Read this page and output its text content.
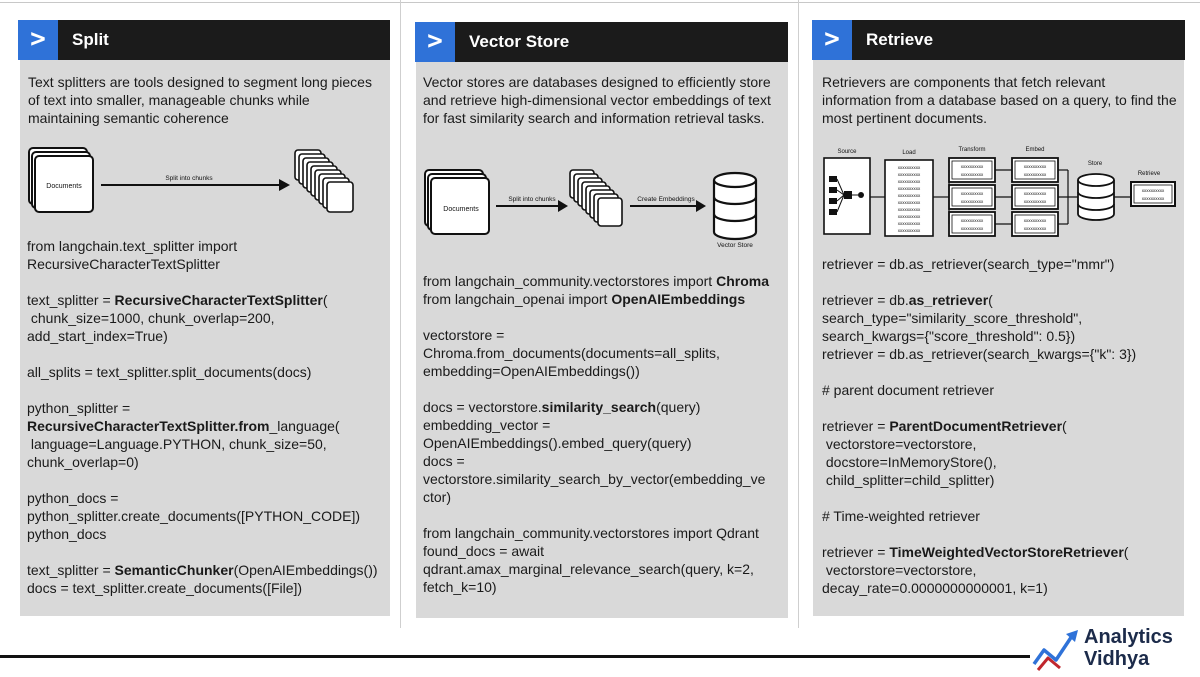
>	Split
Text splitters are tools designed to segment long pieces of text into smaller, manageable chunks while maintaining semantic coherence
Documents
Split into chunks
from langchain.text_splitter import
RecursiveCharacterTextSplitter
text_splitter = RecursiveCharacterTextSplitter(
chunk_size=1000, chunk_overlap=200,
add_start_index=True)
all_splits = text_splitter.split_documents(docs)
python_splitter =
RecursiveCharacterTextSplitter.from_language(
language=Language.PYTHON, chunk_size=50,
chunk_overlap=0)
python_docs =
python_splitter.create_documents([PYTHON_CODE])
python_docs
text_splitter = SemanticChunker(OpenAIEmbeddings())
docs = text_splitter.create_documents([File])
>	Vector Store
Vector stores are databases designed to efficiently store and retrieve high-dimensional vector embeddings of text for fast similarity search and information retrieval tasks.
Documents
Split into chunks	Create Embeddings
Vector Store
from langchain_community.vectorstores import Chroma
from langchain_openai import OpenAIEmbeddings
vectorstore =
Chroma.from_documents(documents=all_splits,
embedding=OpenAIEmbeddings())
docs = vectorstore.similarity_search(query)
embedding_vector =
OpenAIEmbeddings().embed_query(query)
docs =
vectorstore.similarity_search_by_vector(embedding_ve
ctor)
from langchain_community.vectorstores import Qdrant
found_docs = await
qdrant.amax_marginal_relevance_search(query, k=2,
fetch_k=10)
>	Retrieve
Retrievers are components that fetch relevant information from a database based on a query, to find the most pertinent documents.
Source	Load	Transform	Embed
Store
Retrieve
xxxxxxxxxx
xxxxxxxxxx
xxxxxxxxxx
xxxxxxxxxx
xxxxxxxxxx
xxxxxxxxxx
xxxxxxxxxx
xxxxxxxxxx
xxxxxxxxxx
xxxxxxxxxx
xxxxxxxxxx
xxxxxxxxxx
xxxxxxxxxx
xxxxxxxxxx
xxxxxxxxxx
xxxxxxxxxx
xxxxxxxxxx
xxxxxxxxxx
xxxxxxxxxx
xxxxxxxxxx
xxxxxxxxxx
xxxxxxxxxx
xxxxxxxxxx
xxxxxxxxxx
retriever = db.as_retriever(search_type="mmr")
retriever = db.as_retriever(
search_type="similarity_score_threshold",
search_kwargs={"score_threshold": 0.5})
retriever = db.as_retriever(search_kwargs={"k": 3})
# parent document retriever
retriever = ParentDocumentRetriever(
vectorstore=vectorstore,
docstore=InMemoryStore(),
child_splitter=child_splitter)
# Time-weighted retriever
retriever = TimeWeightedVectorStoreRetriever(
vectorstore=vectorstore,
decay_rate=0.0000000000001, k=1)
Analytics
Vidhya
